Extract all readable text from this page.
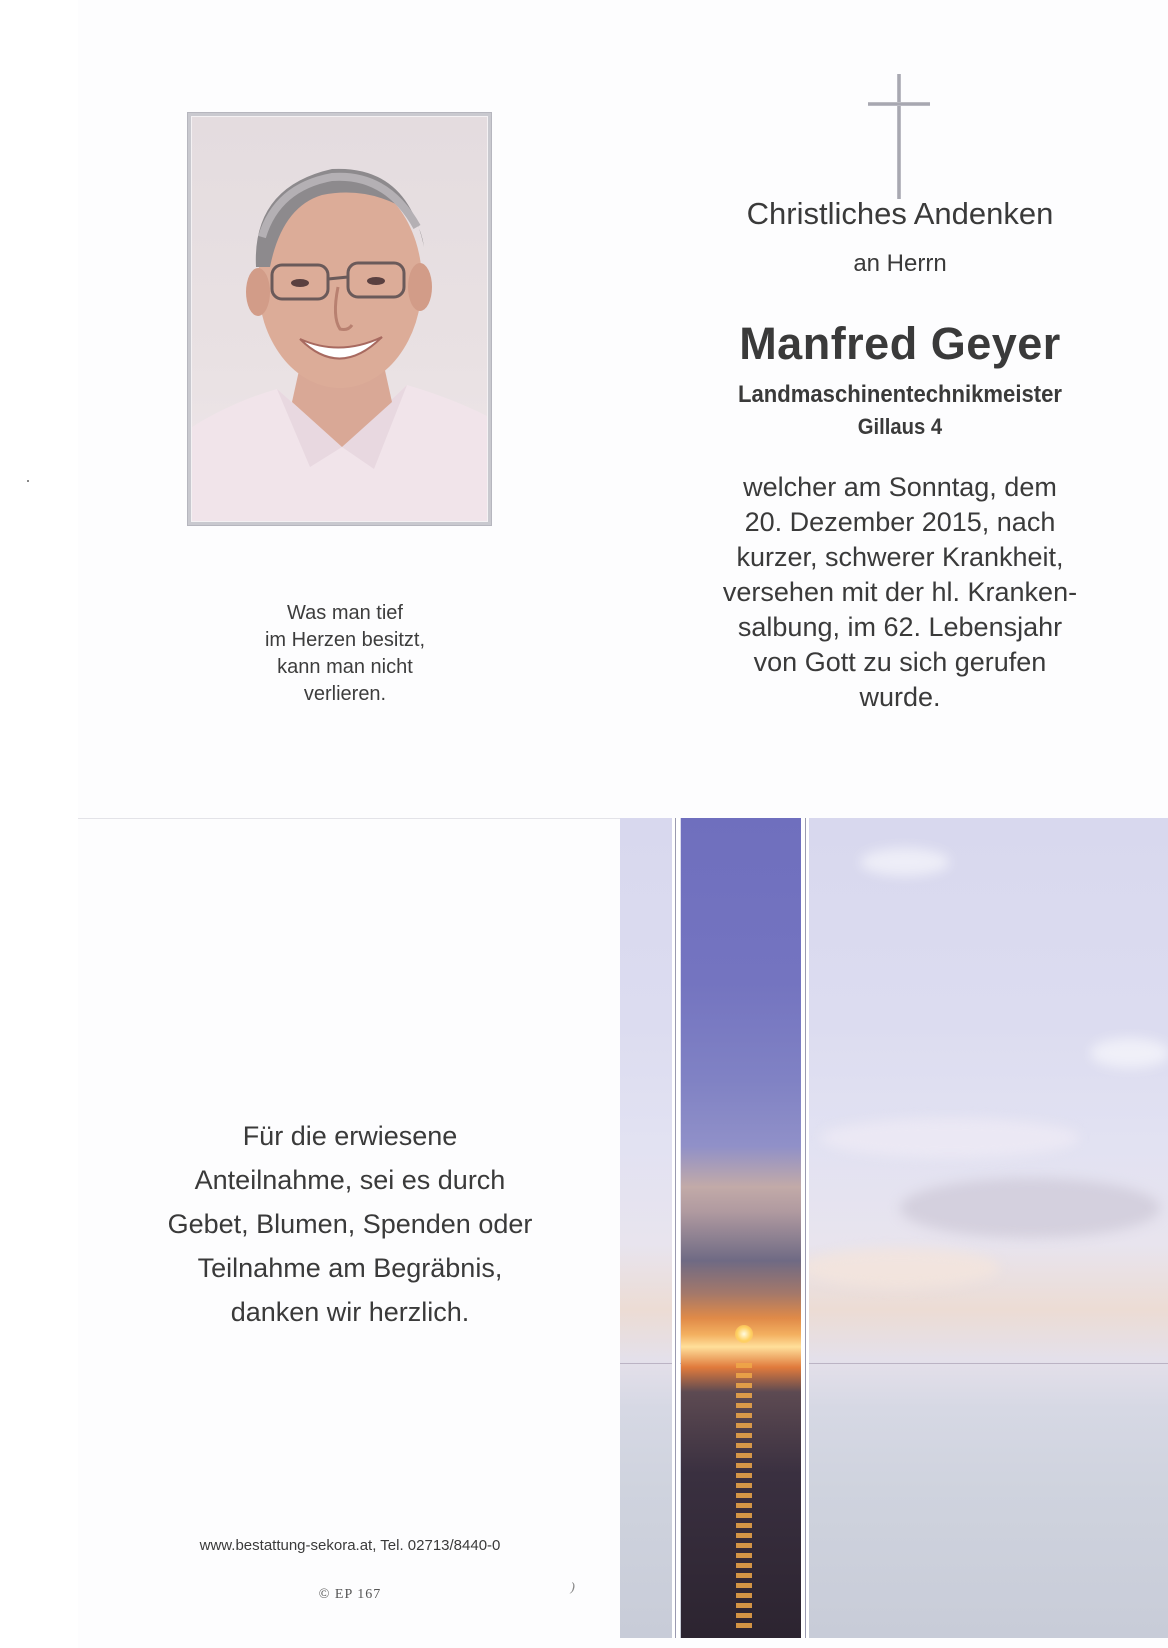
Was man tief
im Herzen besitzt,
kann man nicht
verlieren.
Christliches Andenken
an Herrn
Manfred Geyer
Landmaschinentechnikmeister
Gillaus 4
welcher am Sonntag, dem
20. Dezember 2015, nach
kurzer, schwerer Krankheit,
versehen mit der hl. Kranken-
salbung, im 62. Lebensjahr
von Gott zu sich gerufen
wurde.
Für die erwiesene
Anteilnahme, sei es durch
Gebet, Blumen, Spenden oder
Teilnahme am Begräbnis,
danken wir herzlich.
www.bestattung-sekora.at, Tel. 02713/8440-0
© EP 167	⁾
